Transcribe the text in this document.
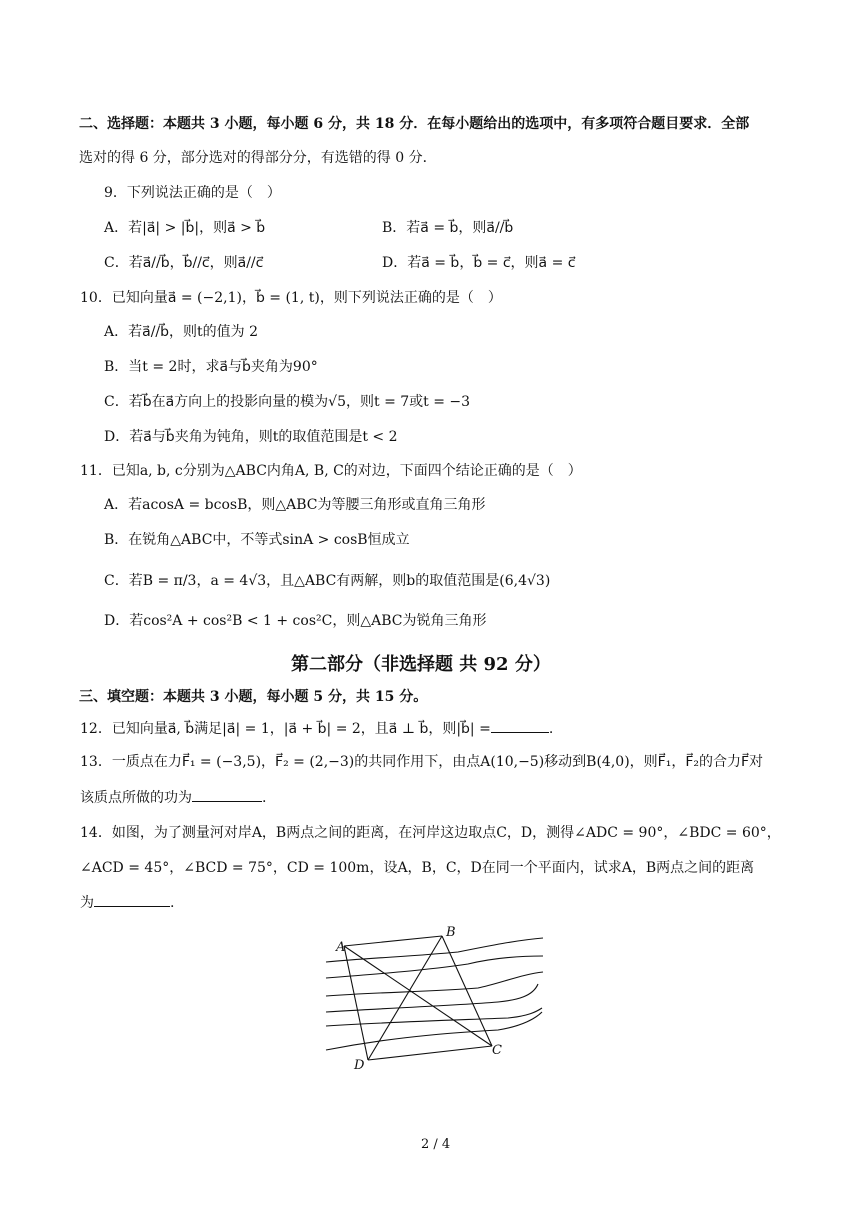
二、选择题：本题共 3 小题，每小题 6 分，共 18 分．在每小题给出的选项中，有多项符合题目要求．全部
选对的得 6 分，部分选对的得部分分，有选错的得 0 分．
9．下列说法正确的是（　）
A．若|a⃗| > |b⃗|，则a⃗ > b⃗	B．若a⃗ = b⃗，则a⃗//b⃗
C．若a⃗//b⃗，b⃗//c⃗，则a⃗//c⃗	D．若a⃗ = b⃗，b⃗ = c⃗，则a⃗ = c⃗
10．已知向量a⃗ = (−2,1)，b⃗ = (1, t)，则下列说法正确的是（　）
A．若a⃗//b⃗，则t的值为 2
B．当t = 2时，求a⃗与b⃗夹角为90°
C．若b⃗在a⃗方向上的投影向量的模为√5，则t = 7或t = −3
D．若a⃗与b⃗夹角为钝角，则t的取值范围是t < 2
11．已知a, b, c分别为△ABC内角A, B, C的对边，下面四个结论正确的是（　）
A．若acosA = bcosB，则△ABC为等腰三角形或直角三角形
B．在锐角△ABC中，不等式sinA > cosB恒成立
C．若B = π/3，a = 4√3，且△ABC有两解，则b的取值范围是(6,4√3)
D．若cos²A + cos²B < 1 + cos²C，则△ABC为锐角三角形
第二部分（非选择题 共 92 分）
三、填空题：本题共 3 小题，每小题 5 分，共 15 分。
12．已知向量a⃗, b⃗满足|a⃗| = 1，|a⃗ + b⃗| = 2，且a⃗ ⊥ b⃗，则|b⃗| =	.
13．一质点在力F⃗₁ = (−3,5)，F⃗₂ = (2,−3)的共同作用下，由点A(10,−5)移动到B(4,0)，则F⃗₁，F⃗₂的合力F⃗对
该质点所做的功为	.
14．如图，为了测量河对岸A，B两点之间的距离，在河岸这边取点C，D，测得∠ADC = 90°，∠BDC = 60°，
∠ACD = 45°，∠BCD = 75°，CD = 100m，设A，B，C，D在同一个平面内，试求A，B两点之间的距离
为	.
A
B
C
D
2 / 4
